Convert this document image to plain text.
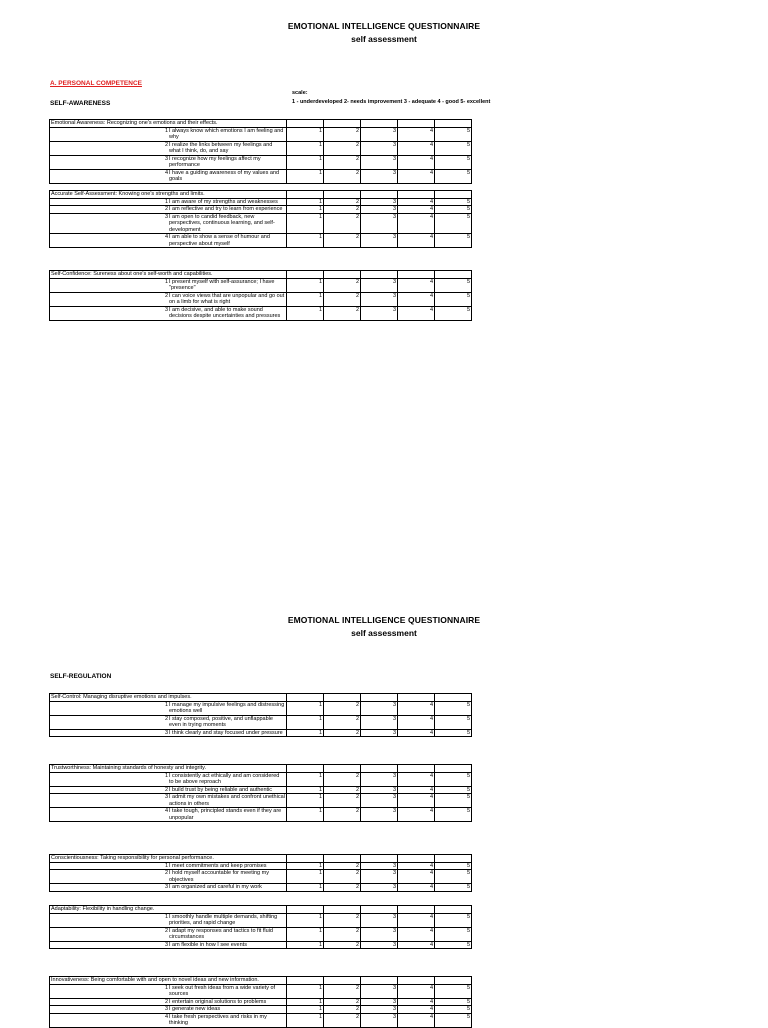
EMOTIONAL INTELLIGENCE QUESTIONNAIRE
self assessment
A. PERSONAL COMPETENCE
scale:
1 - underdeveloped 2- needs improvement 3 - adequate 4 - good 5- excellent
SELF-AWARENESS
Emotional Awareness: Recognizing one's emotions and their effects.						
1	I always know which emotions I am feeling and why	1	2	3	4	5
2	I realize the links between my feelings and what I think, do, and say	1	2	3	4	5
3	I recognize how my feelings affect my performance	1	2	3	4	5
4	I have a guiding awareness of my values and goals	1	2	3	4	5
Accurate Self-Assessment: Knowing one's strengths and limits.						
1	I am aware of my strengths and weaknesses	1	2	3	4	5
2	I am reflective and try to learn from experience	1	2	3	4	5
3	I am open to candid feedback, new perspectives, continuous learning, and self-development	1	2	3	4	5
4	I am able to show a sense of humour and perspective about myself	1	2	3	4	5
Self-Confidence: Sureness about one's self-worth and capabilities.						
1	I present myself with self-assurance; I have "presence"	1	2	3	4	5
2	I can voice views that are unpopular and go out on a limb for what is right	1	2	3	4	5
3	I am decisive, and able to make sound decisions despite uncertainties and pressures	1	2	3	4	5
EMOTIONAL INTELLIGENCE QUESTIONNAIRE
self assessment
SELF-REGULATION
Self-Control: Managing disruptive emotions and impulses.						
1	I manage my impulsive feelings and distressing emotions well	1	2	3	4	5
2	I stay composed, positive, and unflappable even in trying moments	1	2	3	4	5
3	I think clearly and stay focused under pressure	1	2	3	4	5
Trustworthiness: Maintaining standards of honesty and integrity.						
1	I consistently act ethically and am considered to be above reproach	1	2	3	4	5
2	I build trust by being reliable and authentic	1	2	3	4	5
3	I admit my own mistakes and confront unethical actions in others	1	2	3	4	5
4	I take tough, principled stands even if they are unpopular	1	2	3	4	5
Conscientiousness: Taking responsibility for personal performance.						
1	I meet commitments and keep promises	1	2	3	4	5
2	I hold myself accountable for meeting my objectives	1	2	3	4	5
3	I am organized and careful in my work	1	2	3	4	5
Adaptability: Flexibility in handling change.						
1	I smoothly handle multiple demands, shifting priorities, and rapid change	1	2	3	4	5
2	I adapt my responses and tactics to fit fluid circumstances	1	2	3	4	5
3	I am flexible in how I see events	1	2	3	4	5
Innovativeness: Being comfortable with and open to novel ideas and new information.						
1	I seek out fresh ideas from a wide variety of sources	1	2	3	4	5
2	I entertain original solutions to problems	1	2	3	4	5
3	I generate new ideas	1	2	3	4	5
4	I take fresh perspectives and risks in my thinking	1	2	3	4	5
